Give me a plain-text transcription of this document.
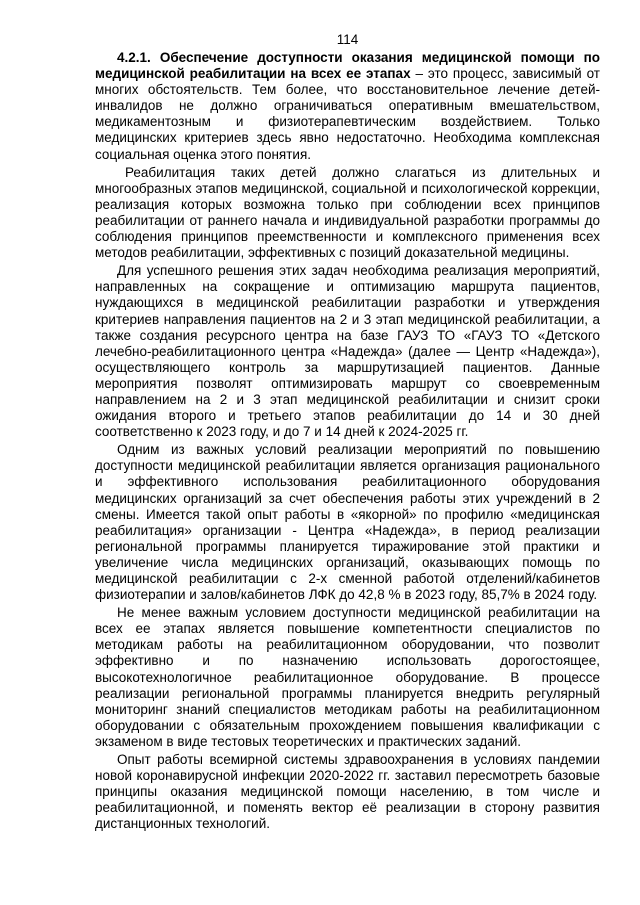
114

4.2.1. Обеспечение доступности оказания медицинской помощи по медицинской реабилитации на всех ее этапах – это процесс, зависимый от многих обстоятельств. Тем более, что восстановительное лечение детей-инвалидов не должно ограничиваться оперативным вмешательством, медикаментозным и физиотерапевтическим воздействием. Только медицинских критериев здесь явно недостаточно. Необходима комплексная социальная оценка этого понятия.

Реабилитация таких детей должно слагаться из длительных и многообразных этапов медицинской, социальной и психологической коррекции, реализация которых возможна только при соблюдении всех принципов реабилитации от раннего начала и индивидуальной разработки программы до соблюдения принципов преемственности и комплексного применения всех методов реабилитации, эффективных с позиций доказательной медицины.

Для успешного решения этих задач необходима реализация мероприятий, направленных на сокращение и оптимизацию маршрута пациентов, нуждающихся в медицинской реабилитации разработки и утверждения критериев направления пациентов на 2 и 3 этап медицинской реабилитации, а также создания ресурсного центра на базе ГАУЗ ТО «ГАУЗ ТО «Детского лечебно-реабилитационного центра «Надежда» (далее — Центр «Надежда»), осуществляющего контроль за маршрутизацией пациентов. Данные мероприятия позволят оптимизировать маршрут со своевременным направлением на 2 и 3 этап медицинской реабилитации и снизит сроки ожидания второго и третьего этапов реабилитации до 14 и 30 дней соответственно к 2023 году, и до 7 и 14 дней к 2024-2025 гг.

Одним из важных условий реализации мероприятий по повышению доступности медицинской реабилитации является организация рационального и эффективного использования реабилитационного оборудования медицинских организаций за счет обеспечения работы этих учреждений в 2 смены. Имеется такой опыт работы в «якорной» по профилю «медицинская реабилитация» организации - Центра «Надежда», в период реализации региональной программы планируется тиражирование этой практики и увеличение числа медицинских организаций, оказывающих помощь по медицинской реабилитации с 2-х сменной работой отделений/кабинетов физиотерапии и залов/кабинетов ЛФК до 42,8 % в 2023 году, 85,7% в 2024 году.

Не менее важным условием доступности медицинской реабилитации на всех ее этапах является повышение компетентности специалистов по методикам работы на реабилитационном оборудовании, что позволит эффективно и по назначению использовать дорогостоящее, высокотехнологичное реабилитационное оборудование. В процессе реализации региональной программы планируется внедрить регулярный мониторинг знаний специалистов методикам работы на реабилитационном оборудовании с обязательным прохождением повышения квалификации с экзаменом в виде тестовых теоретических и практических заданий.

Опыт работы всемирной системы здравоохранения в условиях пандемии новой коронавирусной инфекции 2020-2022 гг. заставил пересмотреть базовые принципы оказания медицинской помощи населению, в том числе и реабилитационной, и поменять вектор её реализации в сторону развития дистанционных технологий.
